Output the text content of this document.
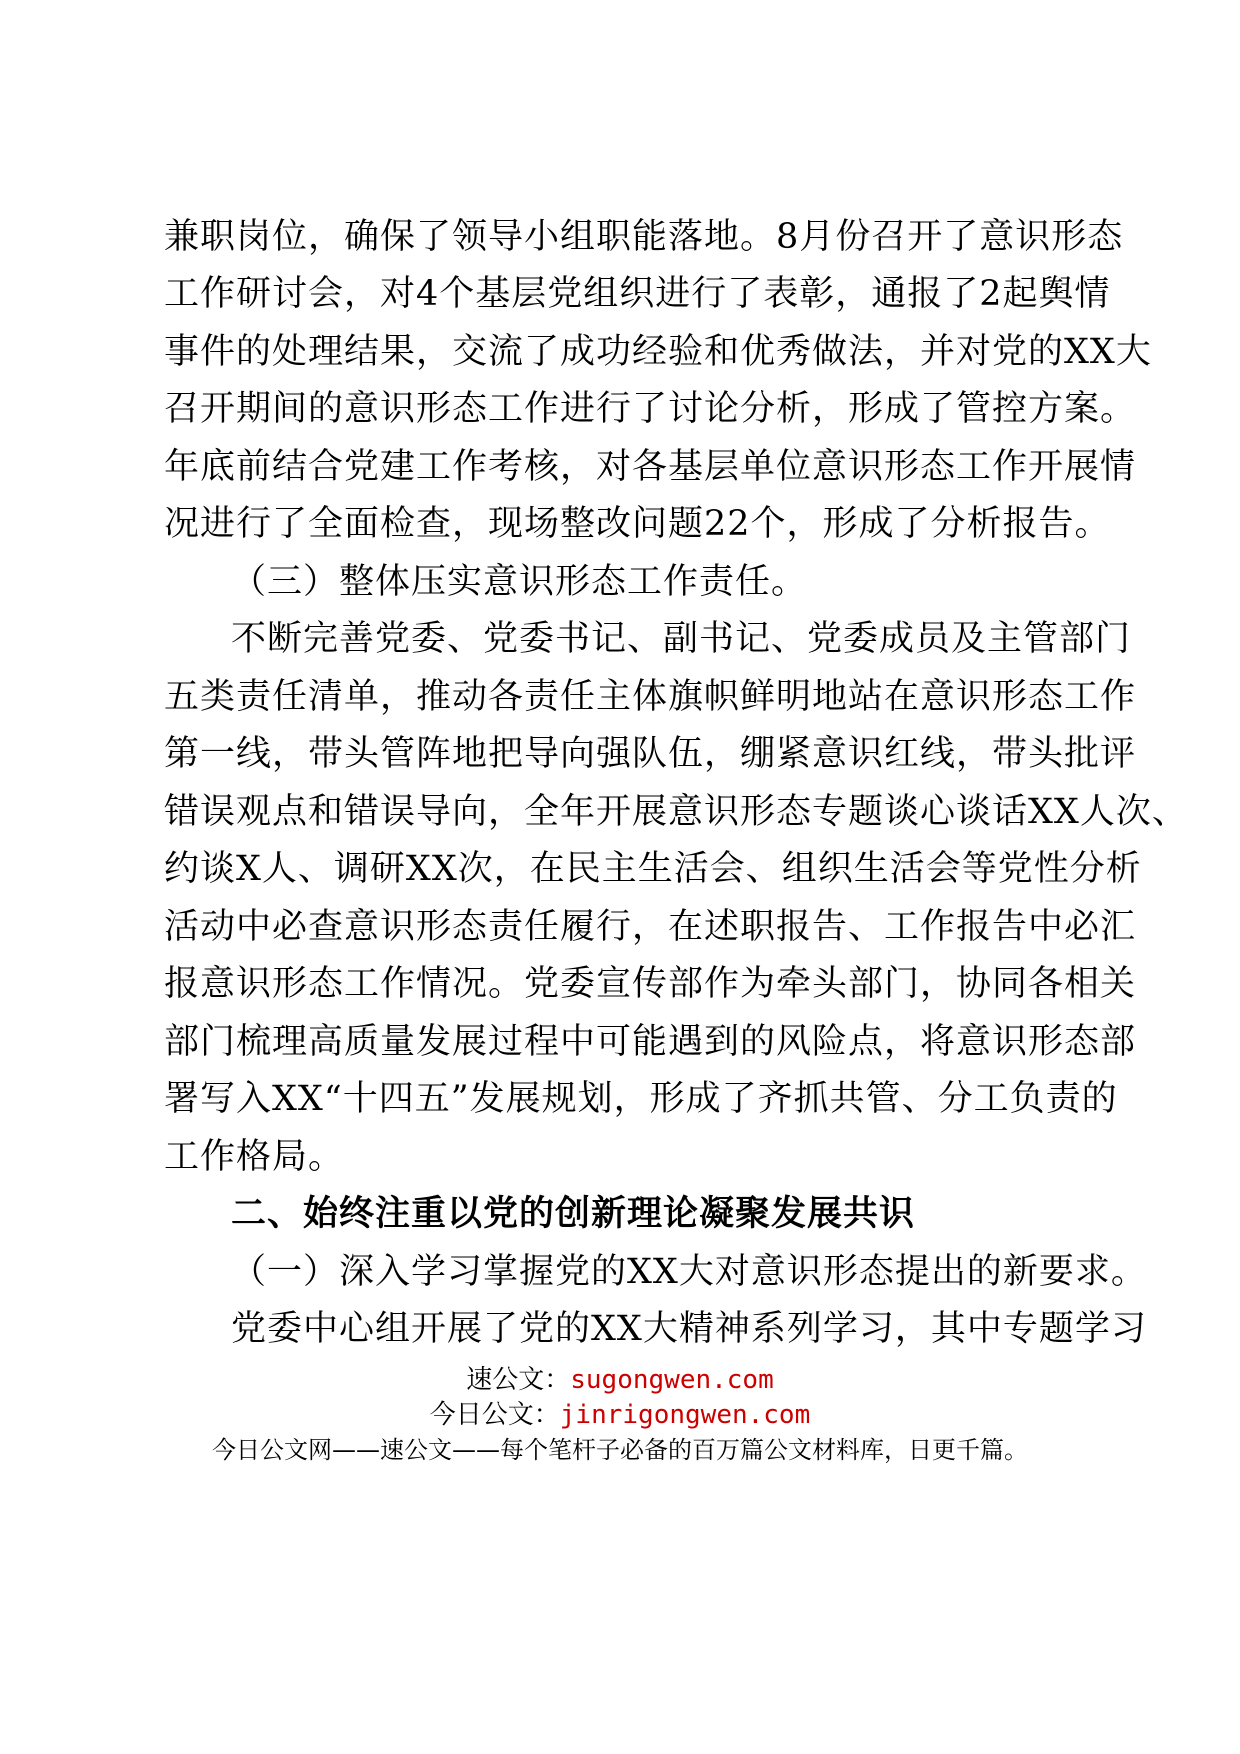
兼职岗位，确保了领导小组职能落地。8月份召开了意识形态
工作研讨会，对4个基层党组织进行了表彰，通报了2起舆情
事件的处理结果，交流了成功经验和优秀做法，并对党的XX大
召开期间的意识形态工作进行了讨论分析，形成了管控方案。
年底前结合党建工作考核，对各基层单位意识形态工作开展情
况进行了全面检查，现场整改问题22个，形成了分析报告。
（三）整体压实意识形态工作责任。
不断完善党委、党委书记、副书记、党委成员及主管部门
五类责任清单，推动各责任主体旗帜鲜明地站在意识形态工作
第一线，带头管阵地把导向强队伍，绷紧意识红线，带头批评
错误观点和错误导向，全年开展意识形态专题谈心谈话XX人次、
约谈X人、调研XX次，在民主生活会、组织生活会等党性分析
活动中必查意识形态责任履行，在述职报告、工作报告中必汇
报意识形态工作情况。党委宣传部作为牵头部门，协同各相关
部门梳理高质量发展过程中可能遇到的风险点，将意识形态部
署写入XX“十四五”发展规划，形成了齐抓共管、分工负责的
工作格局。
二、始终注重以党的创新理论凝聚发展共识
（一）深入学习掌握党的XX大对意识形态提出的新要求。
党委中心组开展了党的XX大精神系列学习，其中专题学习
速公文：sugongwen.com
今日公文：jinrigongwen.com
今日公文网——速公文——每个笔杆子必备的百万篇公文材料库，日更千篇。
